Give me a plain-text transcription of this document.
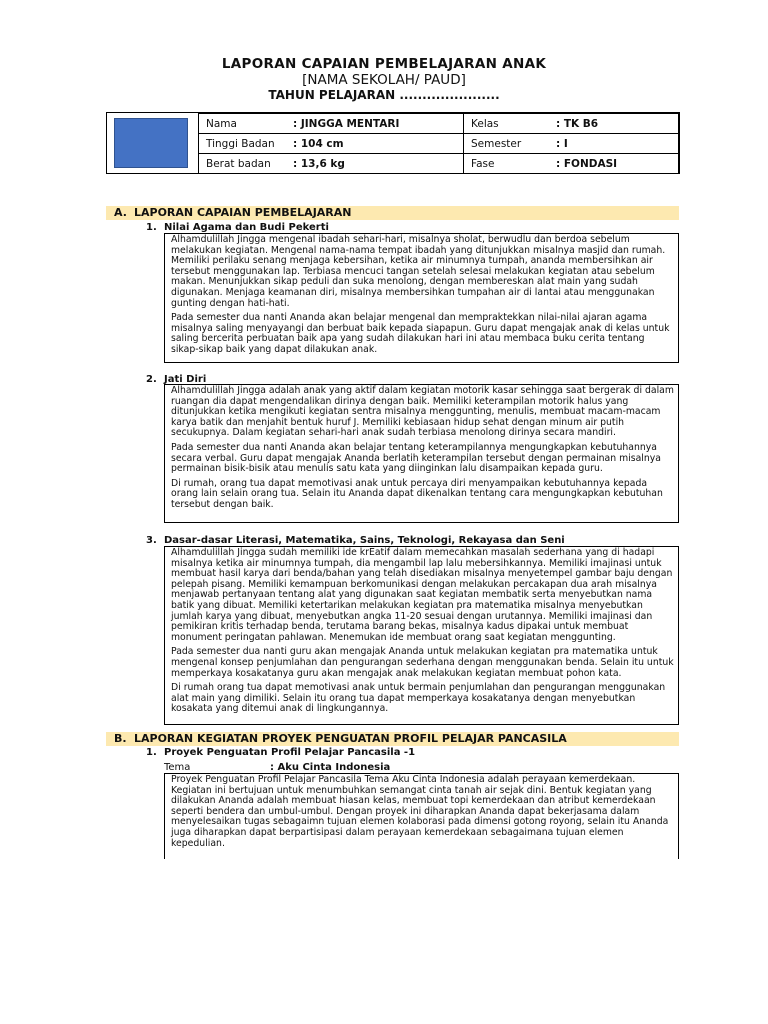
LAPORAN CAPAIAN PEMBELAJARAN ANAK
[NAMA SEKOLAH/ PAUD]
TAHUN PELAJARAN ......................
Nama	: JINGGA MENTARI	Kelas	: TK B6
Tinggi Badan	: 104 cm	Semester	: I
Berat badan	: 13,6 kg	Fase	: FONDASI
A. LAPORAN CAPAIAN PEMBELAJARAN
1. Nilai Agama dan Budi Pekerti

Alhamdulillah Jingga mengenal ibadah sehari-hari, misalnya sholat, berwudlu dan berdoa sebelum melakukan kegiatan. Mengenal nama-nama tempat ibadah yang ditunjukkan misalnya masjid dan rumah. Memiliki perilaku senang menjaga kebersihan, ketika air minumnya tumpah, ananda membersihkan air tersebut menggunakan lap. Terbiasa mencuci tangan setelah selesai melakukan kegiatan atau sebelum makan. Menunjukkan sikap peduli dan suka menolong, dengan membereskan alat main yang sudah digunakan. Menjaga keamanan diri, misalnya membersihkan tumpahan air di lantai atau menggunakan gunting dengan hati-hati.

Pada semester dua nanti Ananda akan belajar mengenal dan mempraktekkan nilai-nilai ajaran agama misalnya saling menyayangi dan berbuat baik kepada siapapun. Guru dapat mengajak anak di kelas untuk saling bercerita perbuatan baik apa yang sudah dilakukan hari ini atau membaca buku cerita tentang sikap-sikap baik yang dapat dilakukan anak.

2. Jati Diri

Alhamdulillah Jingga adalah anak yang aktif dalam kegiatan motorik kasar sehingga saat bergerak di dalam ruangan dia dapat mengendalikan dirinya dengan baik. Memiliki keterampilan motorik halus yang ditunjukkan ketika mengikuti kegiatan sentra misalnya menggunting, menulis, membuat macam-macam karya batik dan menjahit bentuk huruf J. Memiliki kebiasaan hidup sehat dengan minum air putih secukupnya. Dalam kegiatan sehari-hari anak sudah terbiasa menolong dirinya secara mandiri.

Pada semester dua nanti Ananda akan belajar tentang keterampilannya mengungkapkan kebutuhannya secara verbal. Guru dapat mengajak Ananda berlatih keterampilan tersebut dengan permainan misalnya permainan bisik-bisik atau menulis satu kata yang diinginkan lalu disampaikan kepada guru.

Di rumah, orang tua dapat memotivasi anak untuk percaya diri menyampaikan kebutuhannya kepada orang lain selain orang tua. Selain itu Ananda dapat dikenalkan tentang cara mengungkapkan kebutuhan tersebut dengan baik.

3. Dasar-dasar Literasi, Matematika, Sains, Teknologi, Rekayasa dan Seni

Alhamdulillah Jingga sudah memiliki ide krEatif dalam memecahkan masalah sederhana yang di hadapi misalnya ketika air minumnya tumpah, dia mengambil lap lalu mebersihkannya. Memiliki imajinasi untuk membuat hasil karya dari benda/bahan yang telah disediakan misalnya menyetempel gambar baju dengan pelepah pisang. Memiliki kemampuan berkomunikasi dengan melakukan percakapan dua arah misalnya menjawab pertanyaan tentang alat yang digunakan saat kegiatan membatik serta menyebutkan nama batik yang dibuat. Memiliki ketertarikan melakukan kegiatan pra matematika misalnya menyebutkan jumlah karya yang dibuat, menyebutkan angka 11-20 sesuai dengan urutannya. Memiliki imajinasi dan pemikiran kritis terhadap benda, terutama barang bekas, misalnya kadus dipakai untuk membuat monument peringatan pahlawan. Menemukan ide membuat orang saat kegiatan menggunting.

Pada semester dua nanti guru akan mengajak Ananda untuk melakukan kegiatan pra matematika untuk mengenal konsep penjumlahan dan pengurangan sederhana dengan menggunakan benda. Selain itu untuk memperkaya kosakatanya guru akan mengajak anak melakukan kegiatan membuat pohon kata.

Di rumah orang tua dapat memotivasi anak untuk bermain penjumlahan dan pengurangan menggunakan alat main yang dimiliki. Selain itu orang tua dapat memperkaya kosakatanya dengan menyebutkan kosakata yang ditemui anak di lingkungannya.

B. LAPORAN KEGIATAN PROYEK PENGUATAN PROFIL PELAJAR PANCASILA
1. Proyek Penguatan Profil Pelajar Pancasila -1
Tema	: Aku Cinta Indonesia

Proyek Penguatan Profil Pelajar Pancasila Tema Aku Cinta Indonesia adalah perayaan kemerdekaan. Kegiatan ini bertujuan untuk menumbuhkan semangat cinta tanah air sejak dini. Bentuk kegiatan yang dilakukan Ananda adalah membuat hiasan kelas, membuat topi kemerdekaan dan atribut kemerdekaan seperti bendera dan umbul-umbul. Dengan proyek ini diharapkan Ananda dapat bekerjasama dalam menyelesaikan tugas sebagaimn tujuan elemen kolaborasi pada dimensi gotong royong, selain itu Ananda juga diharapkan dapat berpartisipasi dalam perayaan kemerdekaan sebagaimana tujuan elemen kepedulian.
